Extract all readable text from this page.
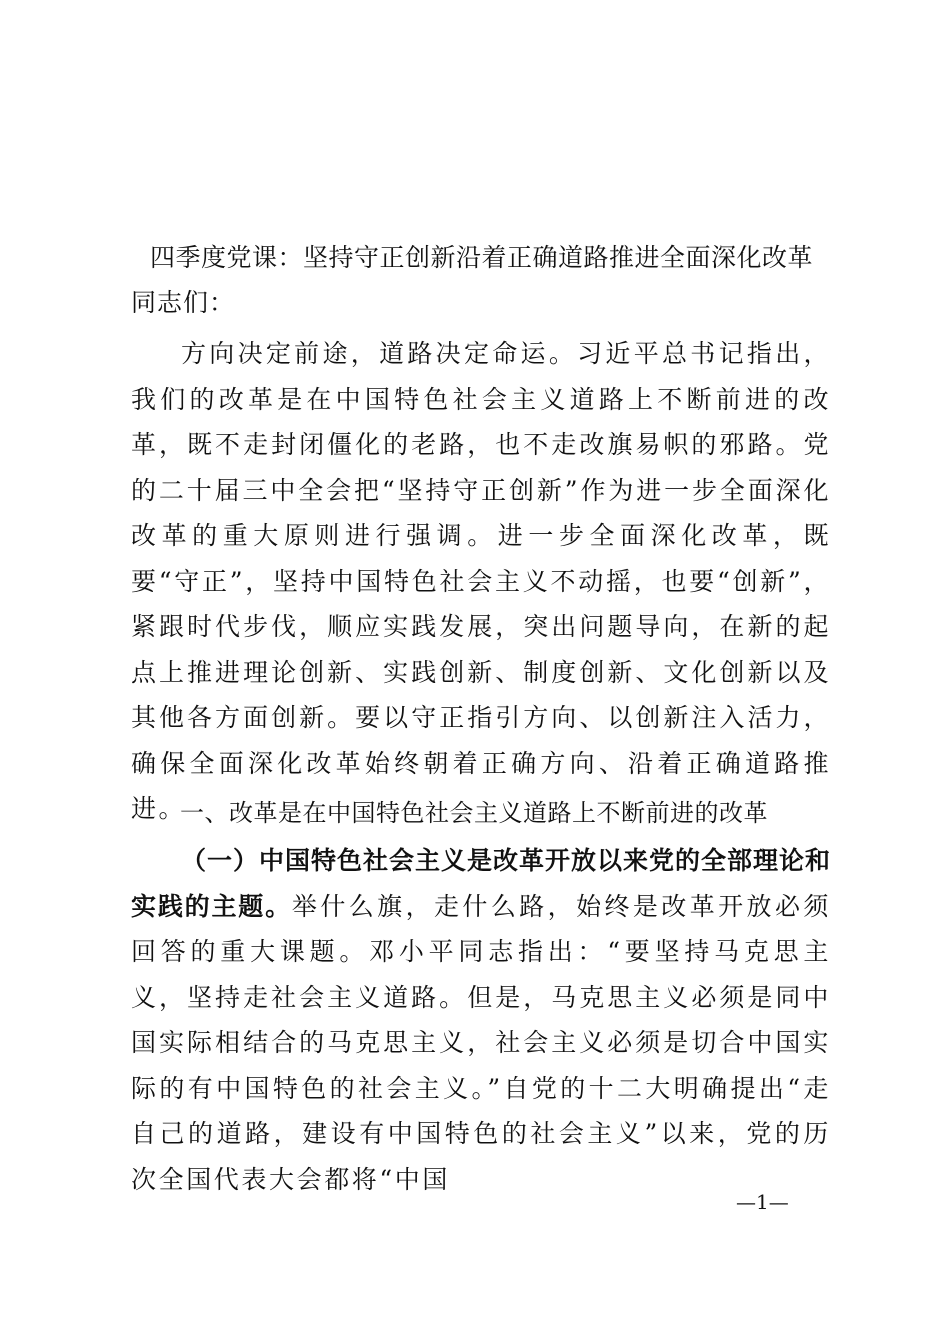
四季度党课：坚持守正创新沿着正确道路推进全面深化改革
同志们：

方向决定前途，道路决定命运。习近平总书记指出，我们的改革是在中国特色社会主义道路上不断前进的改革，既不走封闭僵化的老路，也不走改旗易帜的邪路。党的二十届三中全会把“坚持守正创新”作为进一步全面深化改革的重大原则进行强调。进一步全面深化改革，既要“守正”，坚持中国特色社会主义不动摇，也要“创新”，紧跟时代步伐，顺应实践发展，突出问题导向，在新的起点上推进理论创新、实践创新、制度创新、文化创新以及其他各方面创新。要以守正指引方向、以创新注入活力，确保全面深化改革始终朝着正确方向、沿着正确道路推进。

一、改革是在中国特色社会主义道路上不断前进的改革

（一）中国特色社会主义是改革开放以来党的全部理论和实践的主题。举什么旗，走什么路，始终是改革开放必须回答的重大课题。邓小平同志指出：“要坚持马克思主义，坚持走社会主义道路。但是，马克思主义必须是同中国实际相结合的马克思主义，社会主义必须是切合中国实际的有中国特色的社会主义。”自党的十二大明确提出“走自己的道路，建设有中国特色的社会主义”以来，党的历次全国代表大会都将“中国

—1—
